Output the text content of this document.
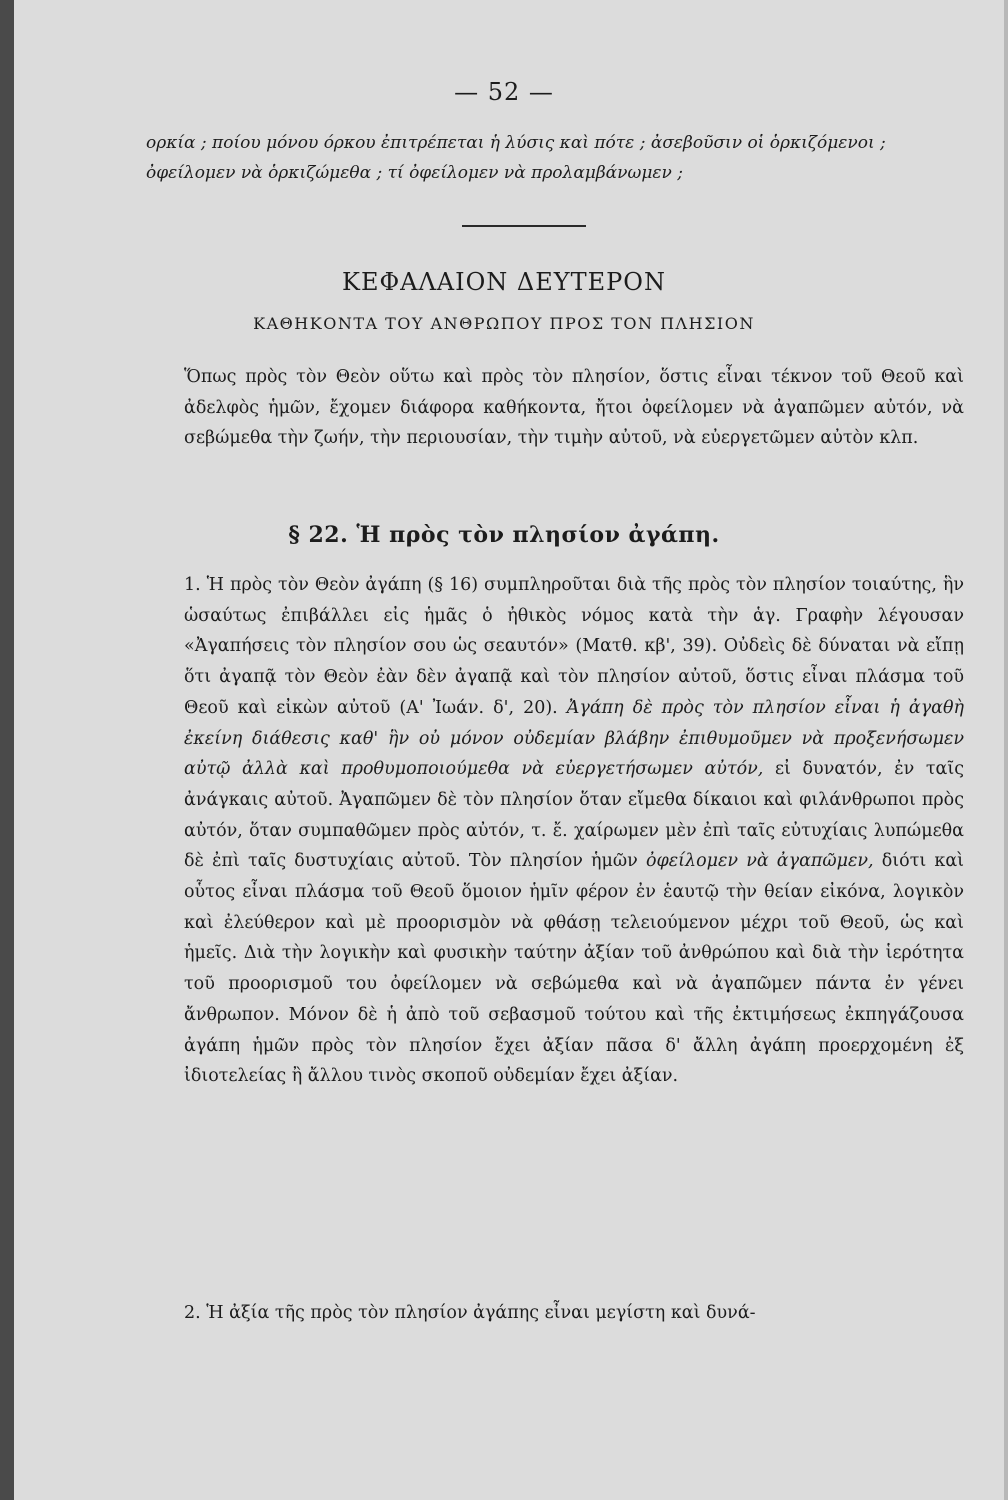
— 52 —
ορκία ; ποίου μόνου όρκου ἐπιτρέπεται ἡ λύσις καὶ πότε ; ἀσεβοῦσιν οἱ ὁρκιζόμενοι ; ὀφείλομεν νὰ ὁρκιζώμεθα ; τί ὀφείλομεν νὰ προλαμβάνωμεν ;
ΚΕΦΑΛΑΙΟΝ ΔΕΥΤΕΡΟΝ
ΚΑΘΗΚΟΝΤΑ ΤΟΥ ΑΝΘΡΩΠΟΥ ΠΡΟΣ ΤΟΝ ΠΛΗΣΙΟΝ
Ὅπως πρὸς τὸν Θεὸν οὕτω καὶ πρὸς τὸν πλησίον, ὅστις εἶναι τέκνον τοῦ Θεοῦ καὶ ἀδελφὸς ἡμῶν, ἔχομεν διάφορα καθήκοντα, ἤτοι ὀφείλομεν νὰ ἀγαπῶμεν αὐτόν, νὰ σεβώμεθα τὴν ζωήν, τὴν περιουσίαν, τὴν τιμὴν αὐτοῦ, νὰ εὐεργετῶμεν αὐτὸν κλπ.
§ 22. Ἡ πρὸς τὸν πλησίον ἀγάπη.
1. Ἡ πρὸς τὸν Θεὸν ἀγάπη (§ 16) συμπληροῦται διὰ τῆς πρὸς τὸν πλησίον τοιαύτης, ἣν ὡσαύτως ἐπιβάλλει εἰς ἡμᾶς ὁ ἠθικὸς νόμος κατὰ τὴν ἁγ. Γραφὴν λέγουσαν «Ἀγαπήσεις τὸν πλησίον σου ὡς σεαυτόν» (Ματθ. κβ', 39). Οὐδεὶς δὲ δύναται νὰ εἴπῃ ὅτι ἀγαπᾷ τὸν Θεὸν ἐὰν δὲν ἀγαπᾷ καὶ τὸν πλησίον αὐτοῦ, ὅστις εἶναι πλάσμα τοῦ Θεοῦ καὶ εἰκὼν αὐτοῦ (Α' Ἰωάν. δ', 20). Ἀγάπη δὲ πρὸς τὸν πλησίον εἶναι ἡ ἀγαθὴ ἐκείνη διάθεσις καθ' ἣν οὐ μόνον οὐδεμίαν βλάβην ἐπιθυμοῦμεν νὰ προξενήσωμεν αὐτῷ ἀλλὰ καὶ προθυμοποιούμεθα νὰ εὐεργετήσωμεν αὐτόν, εἰ δυνατόν, ἐν ταῖς ἀνάγκαις αὐτοῦ. Ἀγαπῶμεν δὲ τὸν πλησίον ὅταν εἴμεθα δίκαιοι καὶ φιλάνθρωποι πρὸς αὐτόν, ὅταν συμπαθῶμεν πρὸς αὐτόν, τ. ἔ. χαίρωμεν μὲν ἐπὶ ταῖς εὐτυχίαις λυπώμεθα δὲ ἐπὶ ταῖς δυστυχίαις αὐτοῦ. Τὸν πλησίον ἡμῶν ὀφείλομεν νὰ ἀγαπῶμεν, διότι καὶ οὗτος εἶναι πλάσμα τοῦ Θεοῦ ὅμοιον ἡμῖν φέρον ἐν ἑαυτῷ τὴν θείαν εἰκόνα, λογικὸν καὶ ἐλεύθερον καὶ μὲ προορισμὸν νὰ φθάσῃ τελειούμενον μέχρι τοῦ Θεοῦ, ὡς καὶ ἡμεῖς. Διὰ τὴν λογικὴν καὶ φυσικὴν ταύτην ἀξίαν τοῦ ἀνθρώπου καὶ διὰ τὴν ἱερότητα τοῦ προορισμοῦ του ὀφείλομεν νὰ σεβώμεθα καὶ νὰ ἀγαπῶμεν πάντα ἐν γένει ἄνθρωπον. Μόνον δὲ ἡ ἀπὸ τοῦ σεβασμοῦ τούτου καὶ τῆς ἐκτιμήσεως ἐκπηγάζουσα ἀγάπη ἡμῶν πρὸς τὸν πλησίον ἔχει ἀξίαν πᾶσα δ' ἄλλη ἀγάπη προερχομένη ἐξ ἰδιοτελείας ἢ ἄλλου τινὸς σκοποῦ οὐδεμίαν ἔχει ἀξίαν.
2. Ἡ ἀξία τῆς πρὸς τὸν πλησίον ἀγάπης εἶναι μεγίστη καὶ δυνά-
